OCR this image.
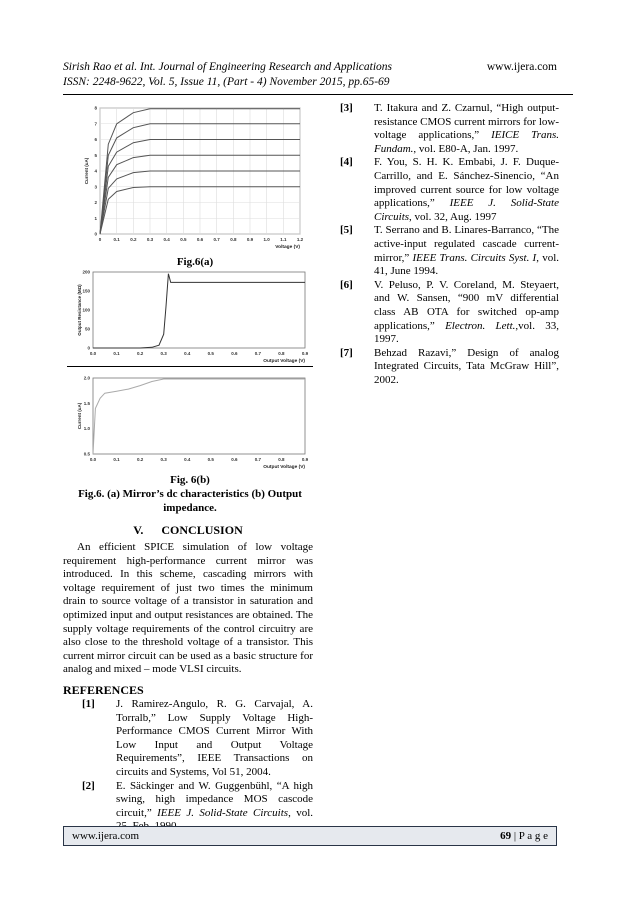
Sirish Rao et al. Int. Journal of Engineering Research and Applications	www.ijera.com
ISSN: 2248-9622, Vol. 5, Issue 11, (Part - 4) November 2015, pp.65-69
0	0.1 0.2 0.3 0.4 0.5 0.6 0.7 0.8 0.9 1.0 1.1 1.2
0
1
2
3
4
5
6
7
8
Voltage (V)
Current (uA)
Fig.6(a)
0.0	0.1	0.2	0.3	0.4	0.5	0.6	0.7	0.8	0.9
0
50
100
150
200
Output Voltage (V)
Output Resistance (MΩ)
0.0	0.1	0.2	0.3	0.4	0.5	0.6	0.7	0.8	0.9
0.5
1.0
1.5
2.0
Output Voltage (V)
Current (uA)
Fig. 6(b)
Fig.6. (a) Mirror’s dc characteristics (b) Output
impedance.
V.      CONCLUSION
An efficient SPICE simulation of low voltage requirement high-performance current mirror was introduced. In this scheme, cascading mirrors with voltage requirement of just two times the minimum drain to source voltage of a transistor in saturation and optimized input and output resistances are obtained. The supply voltage requirements of the control circuitry are also close to the threshold voltage of a transistor. This current mirror circuit can be used as a basic structure for analog and mixed – mode VLSI circuits.
REFERENCES
[1]	J. Ramirez-Angulo, R. G. Carvajal, A. Torralb,” Low Supply Voltage High-Performance CMOS Current Mirror With Low Input and Output Voltage Requirements”, IEEE Transactions on circuits and Systems, Vol 51, 2004.
[2]	E. Säckinger and W. Guggenbühl, “A high swing, high impedance MOS cascode circuit,” IEEE J. Solid-State Circuits, vol.
[3]	T. Itakura and Z. Czarnul, “High output-resistance CMOS current mirrors for low-voltage applications,” IEICE Trans. Fundam., vol. E80-A, Jan. 1997.
[4]	F. You, S. H. K. Embabi, J. F. Duque-Carrillo, and E. Sánchez-Sinencio, “An improved current source for low voltage applications,” IEEE J. Solid-State Circuits, vol. 32, Aug. 1997
[5]	T. Serrano and B. Linares-Barranco, “The active-input regulated cascade current-mirror,” IEEE Trans. Circuits Syst. I, vol. 41, June 1994.
[6]	V. Peluso, P. V. Coreland, M. Steyaert, and W. Sansen, “900 mV differential class AB OTA for switched op-amp applications,” Electron. Lett.,vol. 33, 1997.
[7]	Behzad Razavi,” Design of analog Integrated Circuits, Tata McGraw Hill”, 2002.
www.ijera.com	69 | P a g e
